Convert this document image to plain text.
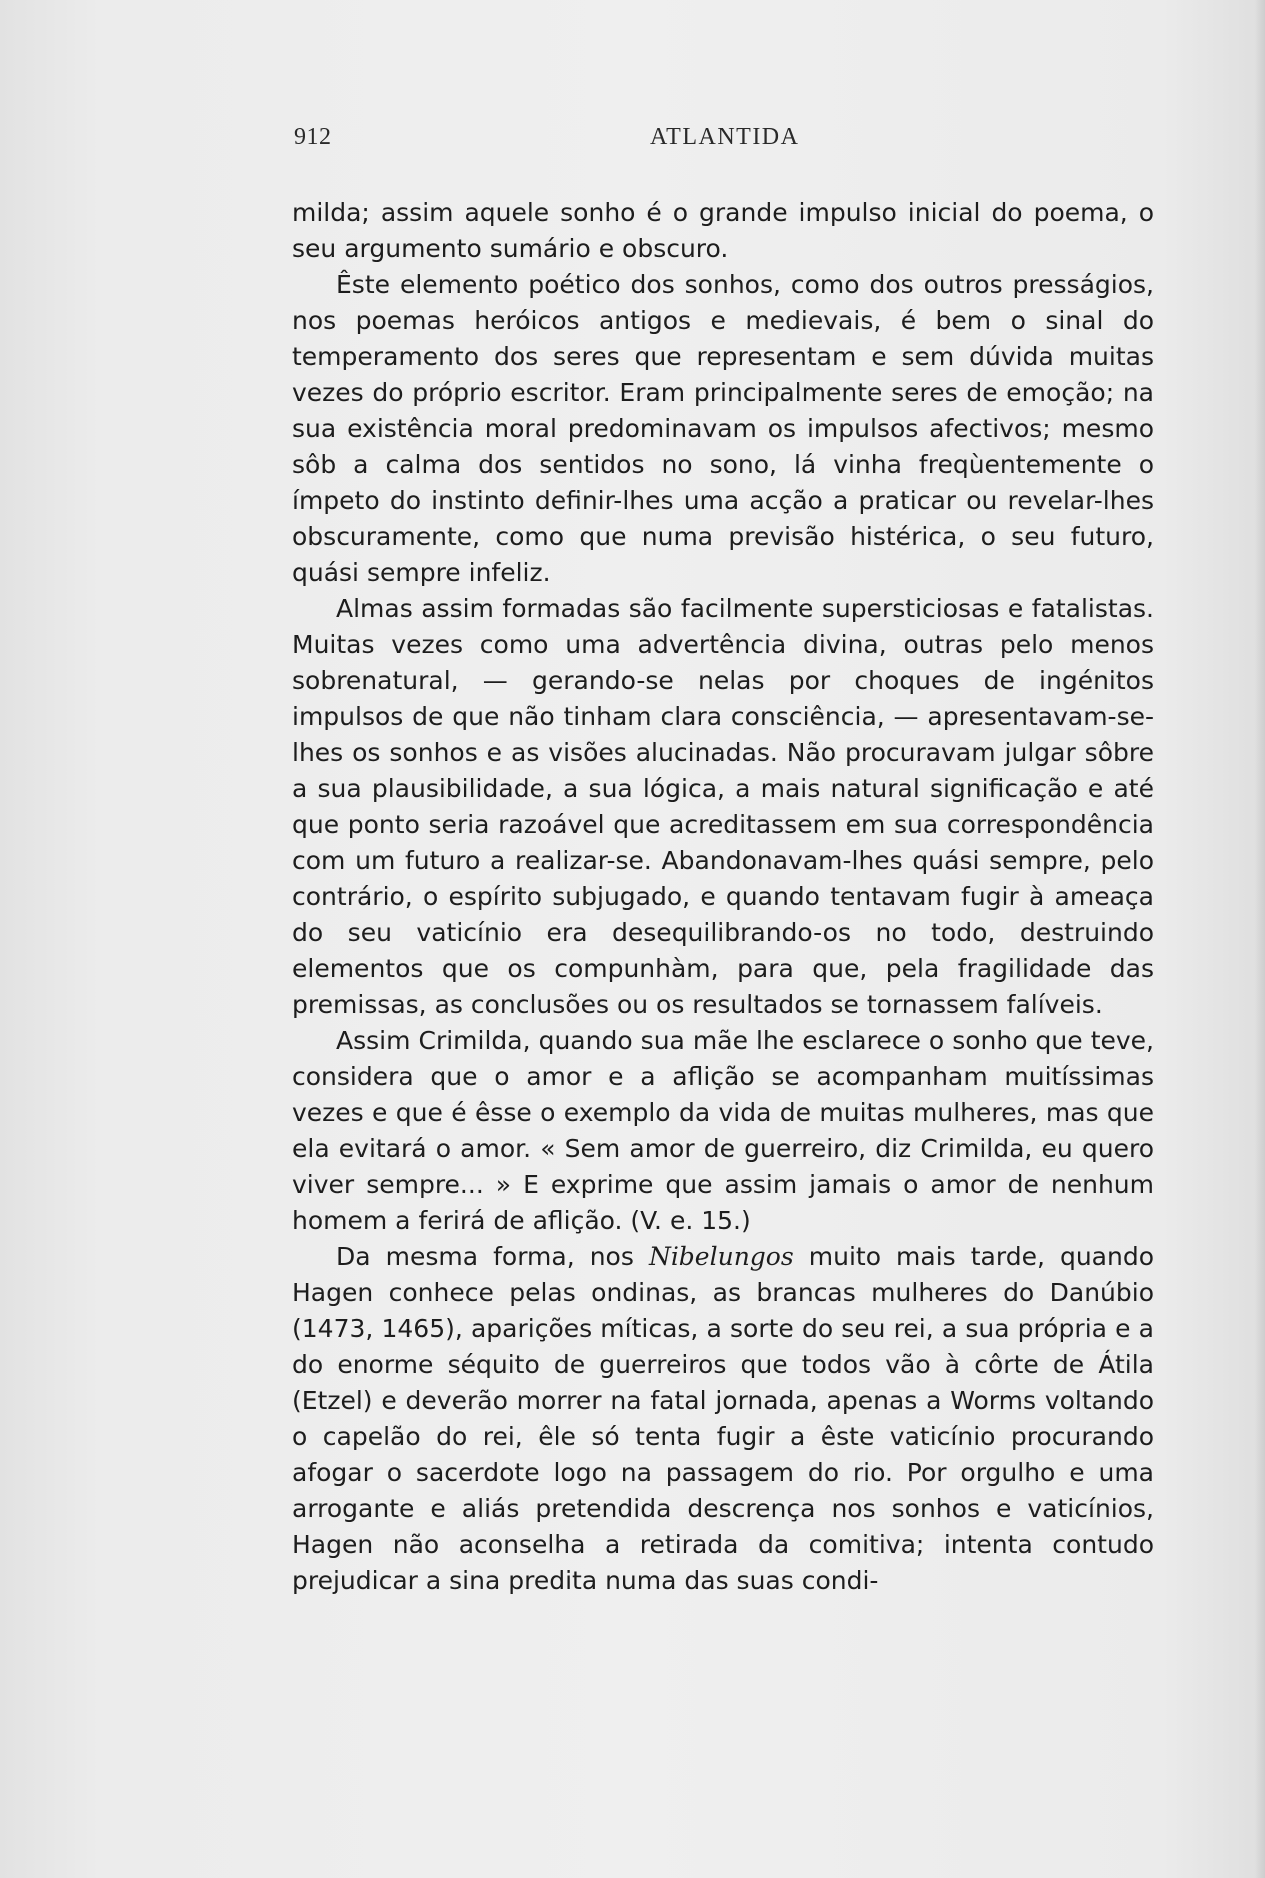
912	ATLANTIDA

milda; assim aquele sonho é o grande impulso inicial do poema, o seu argumento sumário e obscuro.

Êste elemento poético dos sonhos, como dos outros presságios, nos poemas heróicos antigos e medievais, é bem o sinal do temperamento dos seres que representam e sem dúvida muitas vezes do próprio escritor. Eram principalmente seres de emoção; na sua existência moral predominavam os impulsos afectivos; mesmo sôb a calma dos sentidos no sono, lá vinha freqùentemente o ímpeto do instinto definir-lhes uma acção a praticar ou revelar-lhes obscuramente, como que numa previsão histérica, o seu futuro, quási sempre infeliz.

Almas assim formadas são facilmente supersticiosas e fatalistas. Muitas vezes como uma advertência divina, outras pelo menos sobrenatural, — gerando-se nelas por choques de ingénitos impulsos de que não tinham clara consciência, — apresentavam-se-lhes os sonhos e as visões alucinadas. Não procuravam julgar sôbre a sua plausibilidade, a sua lógica, a mais natural significação e até que ponto seria razoável que acreditassem em sua correspondência com um futuro a realizar-se. Abandonavam-lhes quási sempre, pelo contrário, o espírito subjugado, e quando tentavam fugir à ameaça do seu vaticínio era desequilibrando-os no todo, destruindo elementos que os compunhàm, para que, pela fragilidade das premissas, as conclusões ou os resultados se tornassem falíveis.

Assim Crimilda, quando sua mãe lhe esclarece o sonho que teve, considera que o amor e a aflição se acompanham muitíssimas vezes e que é êsse o exemplo da vida de muitas mulheres, mas que ela evitará o amor. « Sem amor de guerreiro, diz Crimilda, eu quero viver sempre... » E exprime que assim jamais o amor de nenhum homem a ferirá de aflição. (V. e. 15.)

Da mesma forma, nos Nibelungos muito mais tarde, quando Hagen conhece pelas ondinas, as brancas mulheres do Danúbio (1473, 1465), aparições míticas, a sorte do seu rei, a sua própria e a do enorme séquito de guerreiros que todos vão à côrte de Átila (Etzel) e deverão morrer na fatal jornada, apenas a Worms voltando o capelão do rei, êle só tenta fugir a êste vaticínio procurando afogar o sacerdote logo na passagem do rio. Por orgulho e uma arrogante e aliás pretendida descrença nos sonhos e vaticínios, Hagen não aconselha a retirada da comitiva; intenta contudo prejudicar a sina predita numa das suas condi-
